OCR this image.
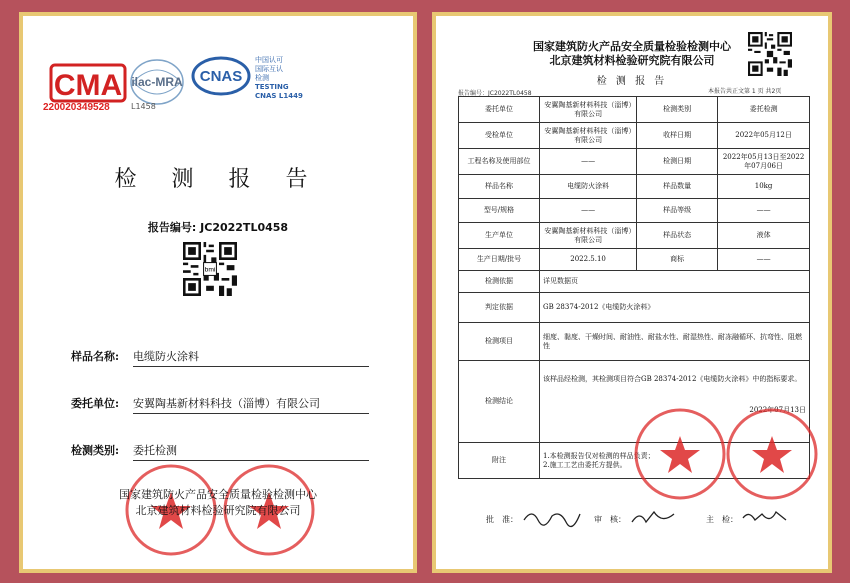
CMA
220020349528
ilac-MRA
L1458
CNAS
中国认可
国际互认
检测
TESTING
CNAS L1449
检 测 报 告
报告编号: JC2022TL0458
bmi
样品名称: 电缆防火涂料
委托单位: 安翼陶基新材料科技（淄博）有限公司
检测类别: 委托检测
国家建筑防火产品安全质量检验检测中心
北京建筑材料检验研究院有限公司
国家建筑防火产品安全质量检验检测中心
北京建筑材料检验研究院有限公司
检 测 报 告
报告编号：JC2022TL0458	本报告共正文第 1 页 共2页
委托单位	安翼陶基新材料科技（淄博）有限公司	检测类别	委托检测
受检单位	安翼陶基新材料科技（淄博）有限公司	收样日期	2022年05月12日
工程名称及使用部位	——	检测日期	2022年05月13日至2022年07月06日
样品名称	电缆防火涂料	样品数量	10kg
型号/规格	——	样品等级	——
生产单位	安翼陶基新材料科技（淄博）有限公司	样品状态	液体
生产日期/批号	2022.5.10	商标	——
检测依据	详见数据页		
判定依据	GB 28374-2012《电缆防火涂料》		
检测项目	细度、黏度、干燥时间、耐油性、耐盐水性、耐湿热性、耐冻融循环、抗弯性、阻燃性		
检测结论	该样品经检测，其检测项目符合GB 28374-2012《电缆防火涂料》中的指标要求。
2022年07月13日		

附注	1.本检测报告仅对检测的样品负责；
2.施工工艺由委托方提供。		
批　准：	审　核：	主　检：
